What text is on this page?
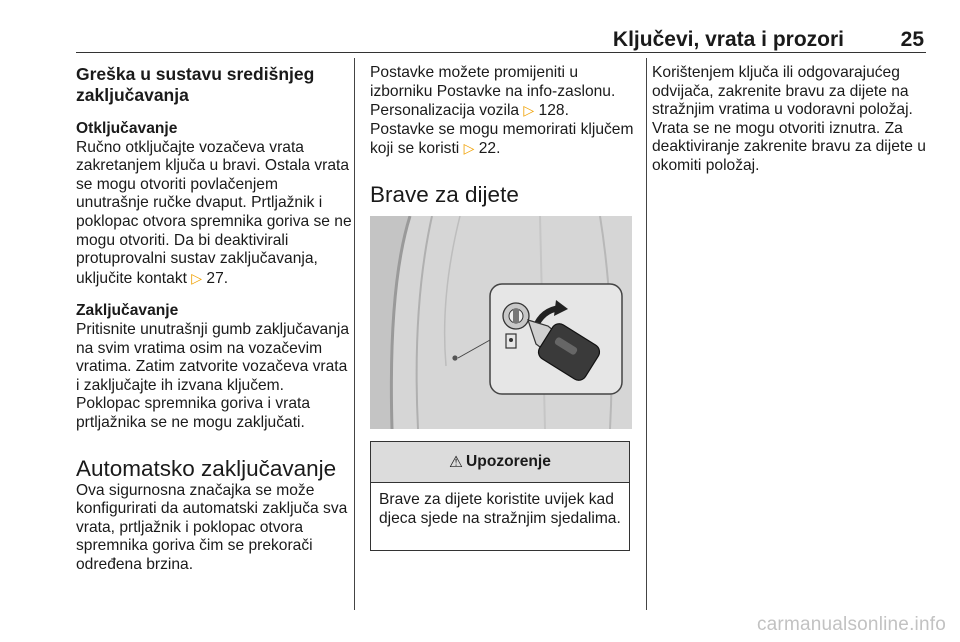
Ključevi, vrata i prozori	25
Greška u sustavu središnjeg zaključavanja
Otključavanje

Ručno otključajte vozačeva vrata zakretanjem ključa u bravi. Ostala vrata se mogu otvoriti povlačenjem unutrašnje ručke dvaput. Prtljažnik i poklopac otvora spremnika goriva se ne mogu otvoriti. Da bi deaktivirali protuprovalni sustav zaključavanja, uključite kontakt ▷ 27.

Zaključavanje

Pritisnite unutrašnji gumb zaključavanja na svim vratima osim na vozačevim vratima. Zatim zatvorite vozačeva vrata i zaključajte ih izvana ključem. Poklopac spremnika goriva i vrata prtljažnika se ne mogu zaključati.

Automatsko zaključavanje

Ova sigurnosna značajka se može konfigurirati da automatski zaključa sva vrata, prtljažnik i poklopac otvora spremnika goriva čim se prekorači određena brzina.

Postavke možete promijeniti u izborniku Postavke na info-zaslonu. Personalizacija vozila ▷ 128.

Postavke se mogu memorirati ključem koji se koristi ▷ 22.

Brave za dijete
⚠ Upozorenje
Brave za dijete koristite uvijek kad djeca sjede na stražnjim sjedalima.

Korištenjem ključa ili odgovarajućeg odvijača, zakrenite bravu za dijete na stražnjim vratima u vodoravni položaj. Vrata se ne mogu otvoriti iznutra. Za deaktiviranje zakrenite bravu za dijete u okomiti položaj.

carmanualsonline.info
